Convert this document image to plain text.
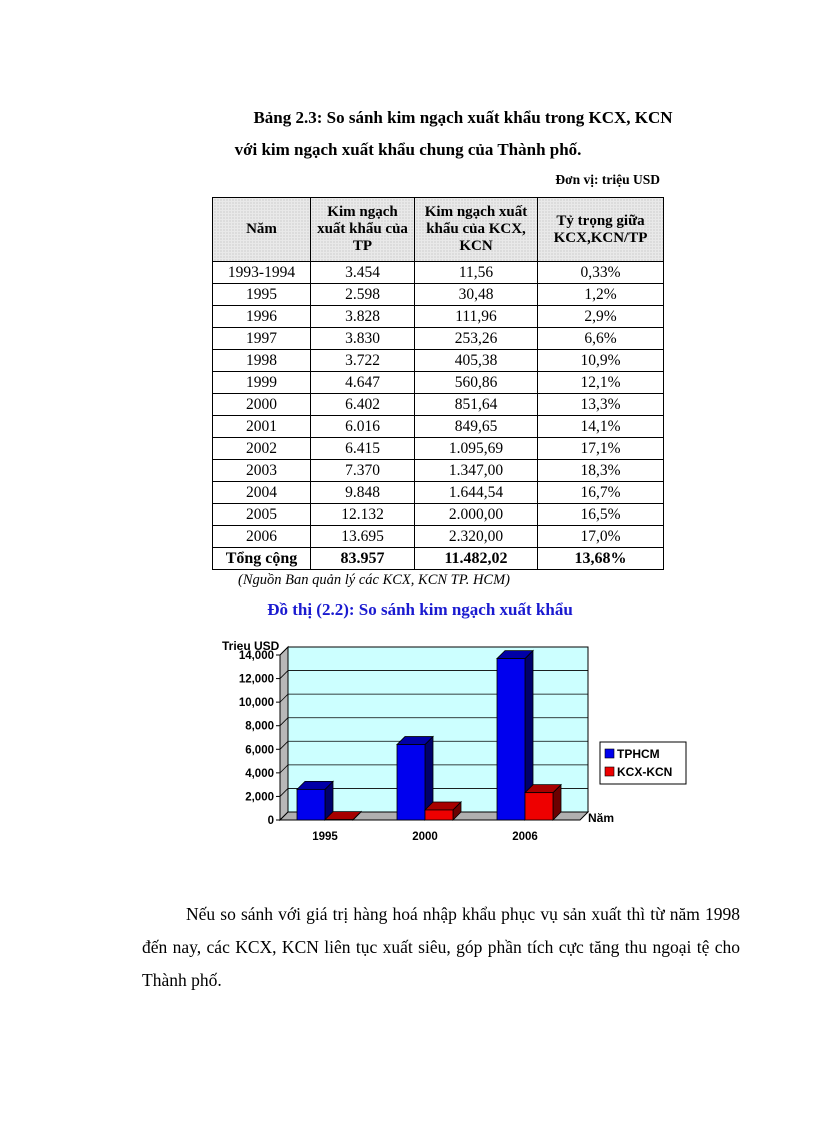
Bảng 2.3: So sánh kim ngạch xuất khẩu trong KCX, KCN
với kim ngạch xuất khẩu chung của Thành phố.
Đơn vị: triệu USD
Năm	Kim ngạch xuất khẩu của TP	Kim ngạch xuất khẩu của KCX, KCN	Tỷ trọng giữa KCX,KCN/TP
1993-1994	3.454	11,56	0,33%
1995	2.598	30,48	1,2%
1996	3.828	111,96	2,9%
1997	3.830	253,26	6,6%
1998	3.722	405,38	10,9%
1999	4.647	560,86	12,1%
2000	6.402	851,64	13,3%
2001	6.016	849,65	14,1%
2002	6.415	1.095,69	17,1%
2003	7.370	1.347,00	18,3%
2004	9.848	1.644,54	16,7%
2005	12.132	2.000,00	16,5%
2006	13.695	2.320,00	17,0%
Tổng cộng	83.957	11.482,02	13,68%
(Nguồn Ban quản lý các KCX, KCN TP. HCM)
Đồ thị (2.2): So sánh kim ngạch xuất khẩu
0
2,000
4,000
6,000
8,000
10,000
12,000
14,000
1995	2000	2006
Trieu USD
Năm
TPHCM
KCX-KCN
Nếu so sánh với giá trị hàng hoá nhập khẩu phục vụ sản xuất thì từ năm 1998 đến nay, các KCX, KCN liên tục xuất siêu, góp phần tích cực tăng thu ngoại tệ cho Thành phố.
